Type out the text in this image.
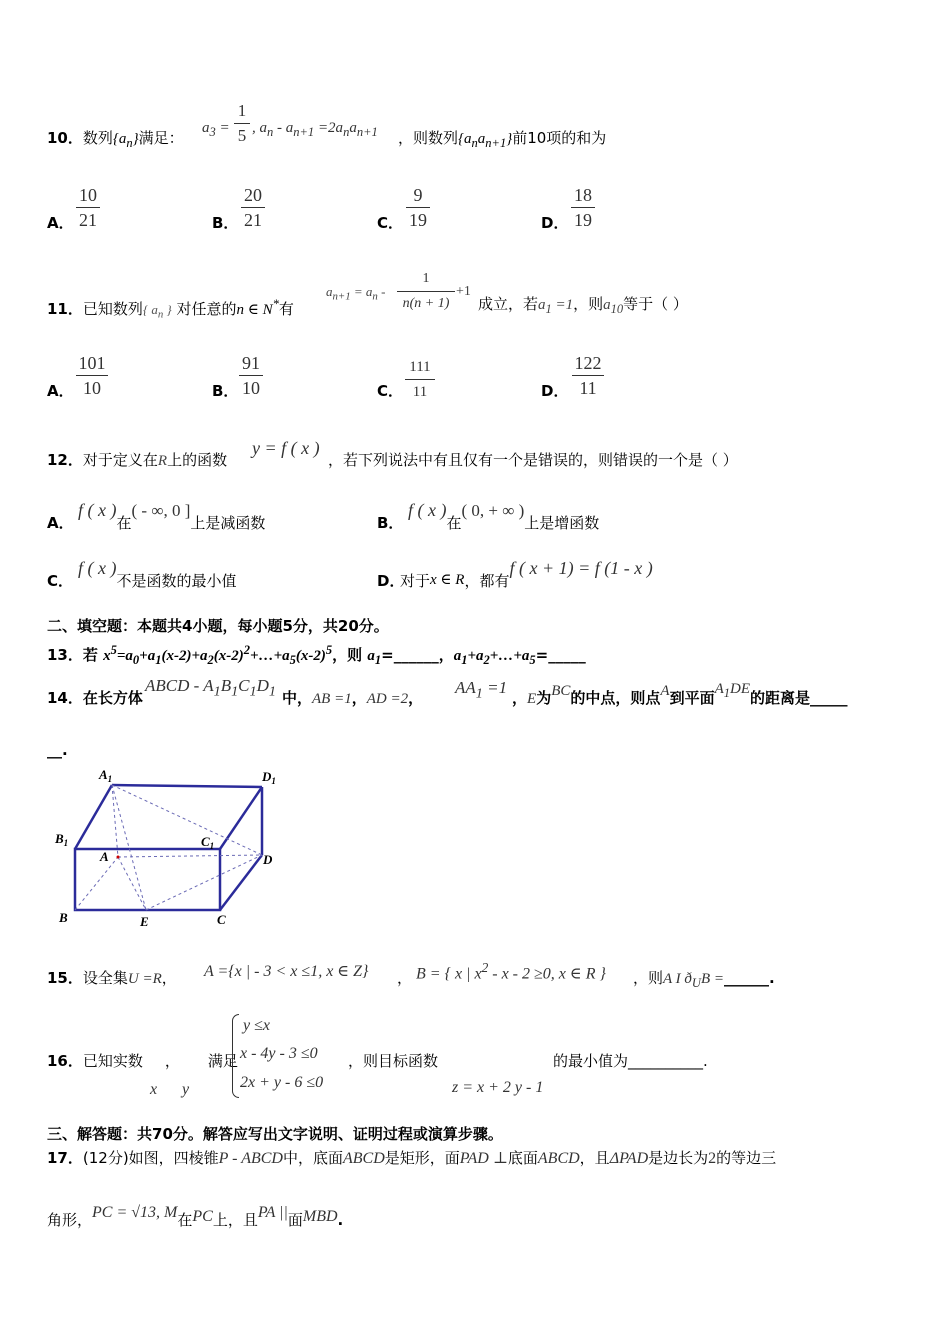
10．数列$\{a_n\}$满足：
$a_3$ =
1
5 , $a_n - a_{n+1} =2a_na_{n+1}$ ，则数列$\{a_na_{n+1}\}$前10项的和为
A．
10
21	B．
20
21	C．
9
19	D．
18
19
11．已知数列{ $a_n$ } 对任意的n ∈ N*有
$a_{n+1} = a_n$ -
1
n(n + 1)
+1
成立，若$a_1 =1$，则$a_{10}$等于（ ）
A．
101
10	B．
91
10	C．
111
11	D．
122
11
12．对于定义在R上的函数
y = f ( x )
，若下列说法中有且仅有一个是错误的，则错误的一个是（ ）
A．
f ( x )在( - ∞, 0 ]上是减函数	B．
f ( x )在( 0, + ∞ )上是增函数
C．
f ( x )不是函数的最小值	D．
对于x ∈ R，都有f ( x + 1) = f (1 - x )
二、填空题：本题共4小题，每小题5分，共20分。
13．若 $x^5=a_0+a_1(x-2)+a_2(x-2)^2+\dots+a_5(x-2)^5$，则 $a_1=\_\_\_\_\_\_$，$a_1+a_2+\dots+a_5=\_\_\_\_\_$
14．在长方体
ABCD - $A_1B_1C_1D_1$ 中，AB =1，AD =2，
$AA_1 =1$
，E为BC的中点，则点A到平面$A_1DE$的距离是_____
__.
$A_1$	$D_1$
$B_1$	$C_1$
A	D
B	C
E
15．设全集U =R， A ={x | - 3 < x ≤1, x ∈ Z} ， B = { x | $x^2 - x - 2 \ge 0$, x ∈ R } ，则A I $ð_UB$ =______.
16．已知实数 ， 满足
x y
y ≤x
x - 4y - 3 ≤0
2x + y - 6 ≤0
，则目标函数
z = x + 2 y - 1
的最小值为__________.
三、解答题：共70分。解答应写出文字说明、证明过程或演算步骤。
17．(12分)如图，四棱锥P - ABCD中，底面ABCD是矩形，面PAD ⊥底面ABCD，且ΔPAD是边长为2的等边三
角形，PC = √13, M在PC上，且PA ||面MBD.
